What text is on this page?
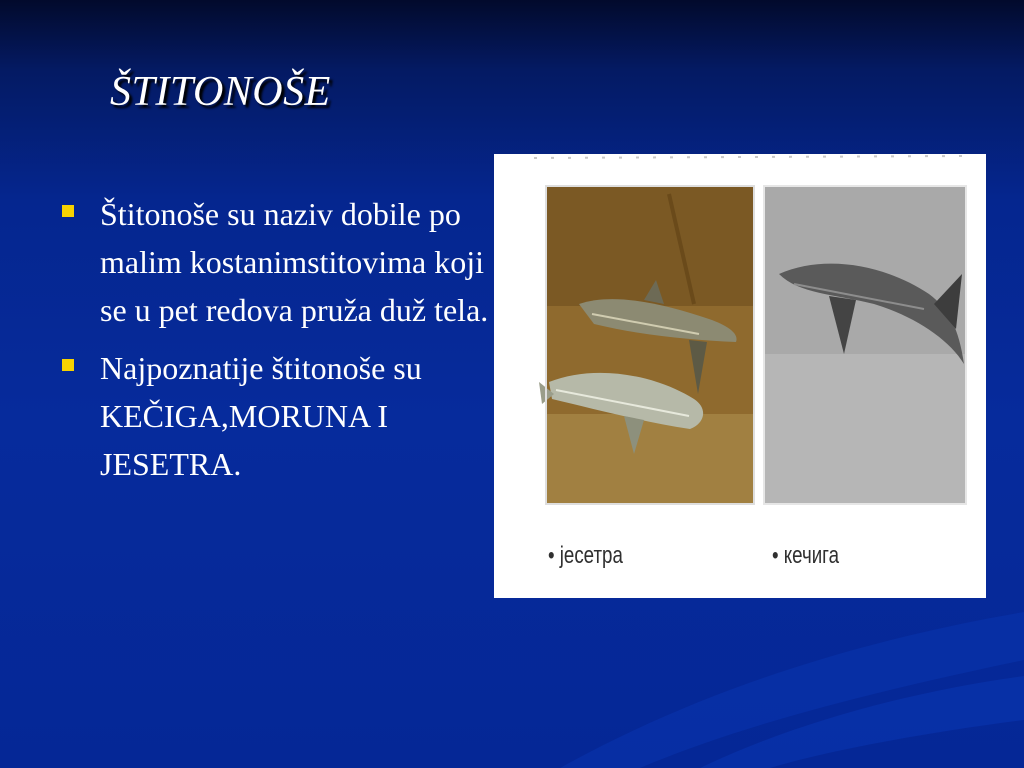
ŠTITONOŠE
Štitonoše su naziv dobile po malim kostanimstitovima koji se u pet redova pruža duž tela.
Najpoznatije štitonoše su KEČIGA,MORUNA I JESETRA.
• јесетра	• кечига
